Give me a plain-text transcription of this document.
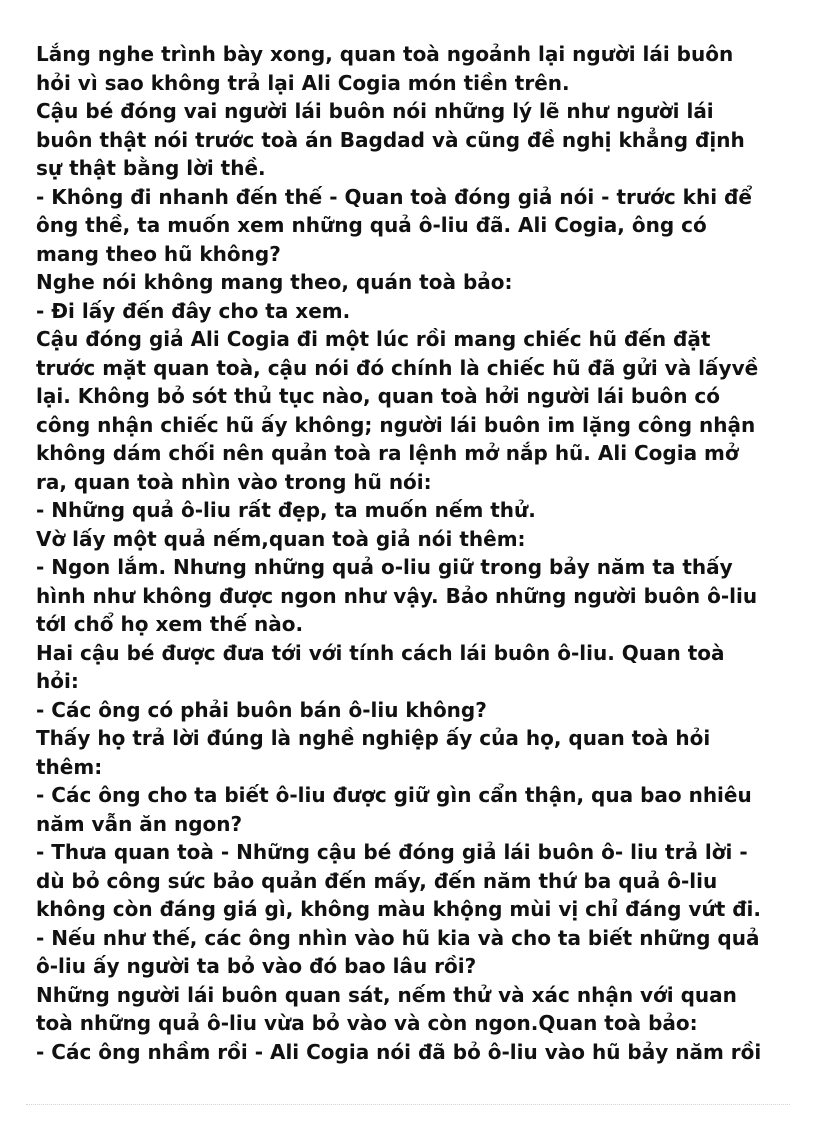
Lắng nghe trình bày xong, quan toà ngoảnh lại người lái buôn

hỏi vì sao không trả lại Ali Cogia món tiền trên.

Cậu bé đóng vai người lái buôn nói những lý lẽ như người lái

buôn thật nói trước toà án Bagdad và cũng đề nghị khẳng định

sự thật bằng lời thề.

- Không đi nhanh đến thế - Quan toà đóng giả nói - trước khi để

ông thề, ta muốn xem những quả ô-liu đã. Ali Cogia, ông có

mang theo hũ không?

Nghe nói không mang theo, quán toà bảo:

- Đi lấy đến đây cho ta xem.

Cậu đóng giả Ali Cogia đi một lúc rồi mang chiếc hũ đến đặt

trước mặt quan toà, cậu nói đó chính là chiếc hũ đã gửi và lấyvề

lại. Không bỏ sót thủ tục nào, quan toà hởi người lái buôn có

công nhận chiếc hũ ấy không; người lái buôn im lặng công nhận

không dám chối nên quản toà ra lệnh mở nắp hũ. Ali Cogia mở

ra, quan toà nhìn vào trong hũ nói:

- Những quả ô-liu rất đẹp, ta muốn nếm thử.

Vờ lấy một quả nếm,quan toà giả nói thêm:

- Ngon lắm. Nhưng những quả o-liu giữ trong bảy năm ta thấy

hình như không được ngon như vậy. Bảo những người buôn ô-liu

tớI chổ họ xem thế nào.

Hai cậu bé được đưa tới với tính cách lái buôn ô-liu. Quan toà

hỏi:

- Các ông có phải buôn bán ô-liu không?

Thấy họ trả lời đúng là nghề nghiệp ấy của họ, quan toà hỏi

thêm:

- Các ông cho ta biết ô-liu được giữ gìn cẩn thận, qua bao nhiêu

năm vẫn ăn ngon?

- Thưa quan toà - Những cậu bé đóng giả lái buôn ô- liu trả lời -

dù bỏ công sức bảo quản đến mấy, đến năm thứ ba quả ô-liu

không còn đáng giá gì, không màu khộng mùi vị chỉ đáng vứt đi.

- Nếu như thế, các ông nhìn vào hũ kia và cho ta biết những quả

ô-liu ấy người ta bỏ vào đó bao lâu rồi?

Những người lái buôn quan sát, nếm thử và xác nhận với quan

toà những quả ô-liu vừa bỏ vào và còn ngon.Quan toà bảo:

- Các ông nhầm rồi - Ali Cogia nói đã bỏ ô-liu vào hũ bảy năm rồi
